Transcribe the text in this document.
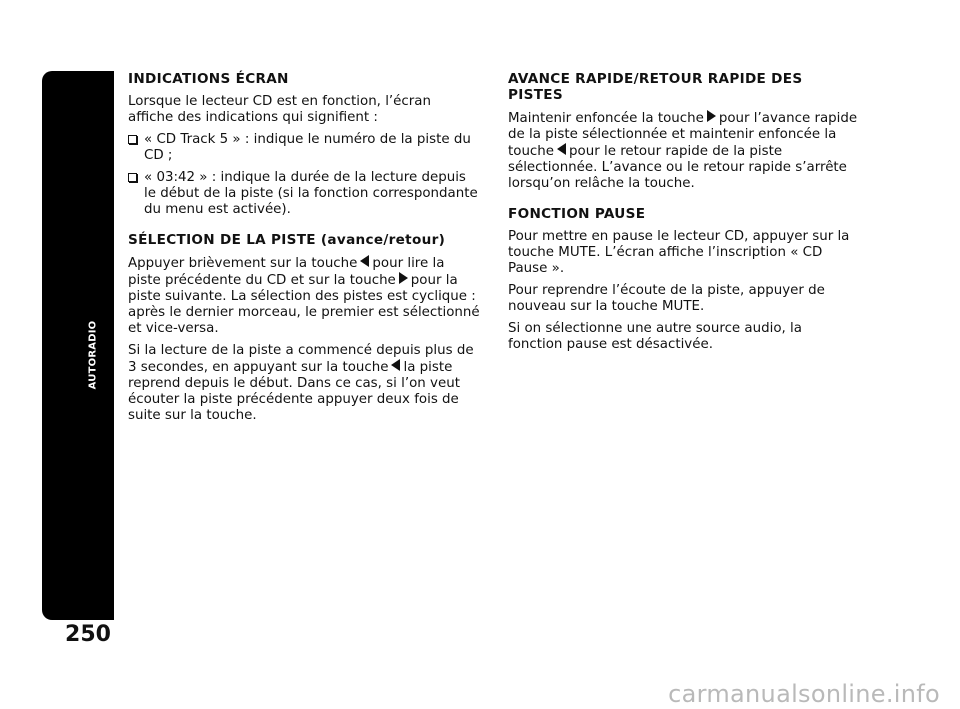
AUTORADIO
250
INDICATIONS ÉCRAN

Lorsque le lecteur CD est en fonction, l’écran affiche des indications qui signifient :

« CD Track 5 » : indique le numéro de la piste du CD ;
« 03:42 » : indique la durée de la lecture depuis le début de la piste (si la fonction correspondante du menu est activée).
SÉLECTION DE LA PISTE (avance/retour)

Appuyer brièvement sur la touche pour lire la piste précédente du CD et sur la touche pour la piste suivante. La sélection des pistes est cyclique : après le dernier morceau, le premier est sélectionné et vice-versa.

Si la lecture de la piste a commencé depuis plus de 3 secondes, en appuyant sur la touche la piste reprend depuis le début. Dans ce cas, si l’on veut écouter la piste précédente appuyer deux fois de suite sur la touche.

AVANCE RAPIDE/RETOUR RAPIDE DES PISTES

Maintenir enfoncée la touche pour l’avance rapide de la piste sélectionnée et maintenir enfoncée la touche pour le retour rapide de la piste sélectionnée. L’avance ou le retour rapide s’arrête lorsqu’on relâche la touche.

FONCTION PAUSE

Pour mettre en pause le lecteur CD, appuyer sur la touche MUTE. L’écran affiche l’inscription « CD Pause ».

Pour reprendre l’écoute de la piste, appuyer de nouveau sur la touche MUTE.

Si on sélectionne une autre source audio, la fonction pause est désactivée.

carmanualsonline.info
